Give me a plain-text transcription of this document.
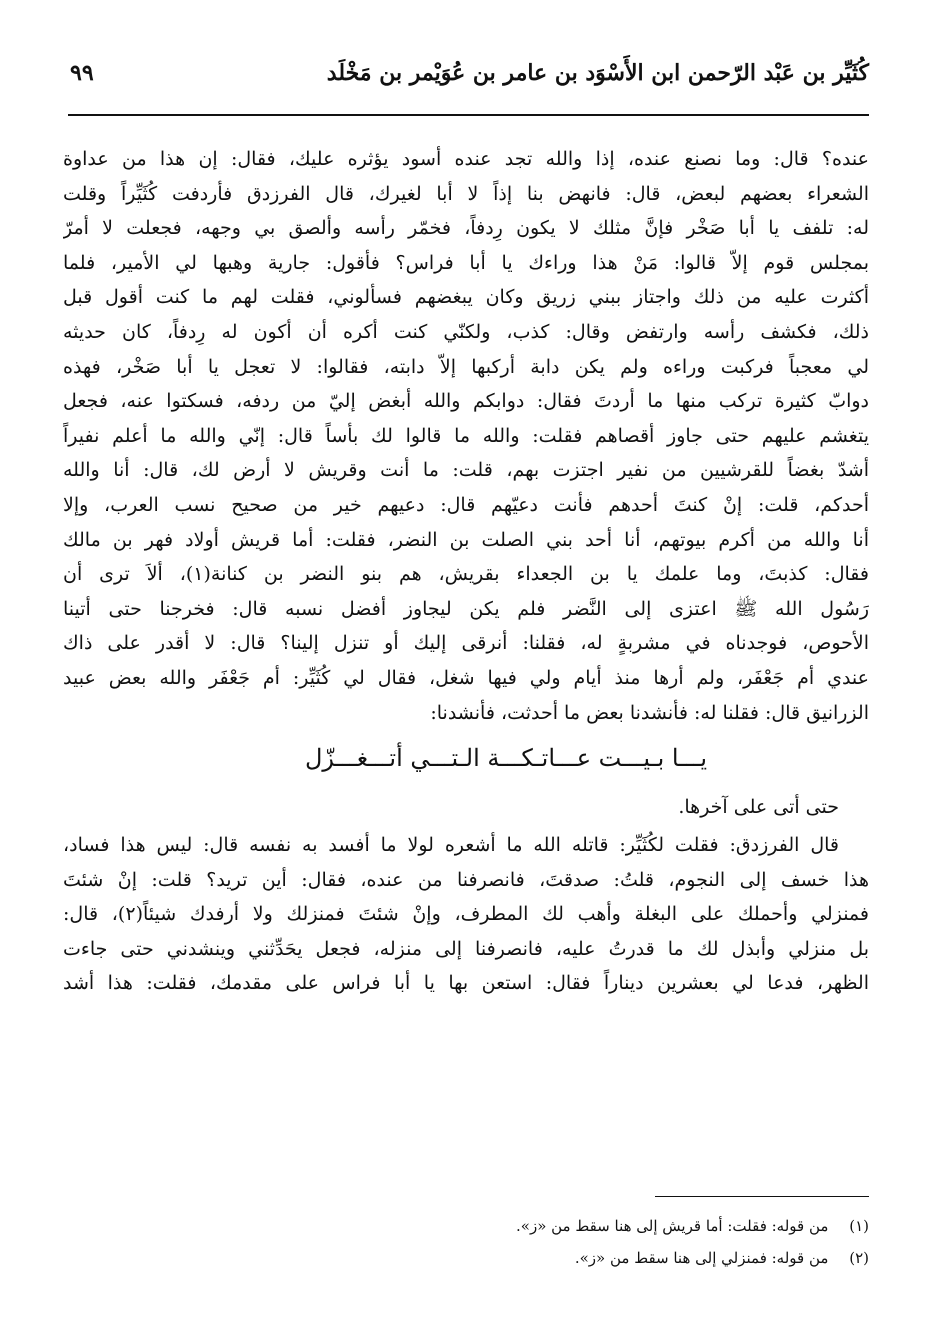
كُثَيِّر بن عَبْد الرّحمن ابن الأَسْوَد بن عامر بن عُوَيْمر بن مَخْلَد
٩٩
عنده؟ قال: وما نصنع عنده، إذا والله تجد عنده أسود يؤثره عليك، فقال: إن هذا من عداوة
الشعراء بعضهم لبعض، قال: فانهض بنا إذاً لا أبا لغيرك، قال الفرزدق فأردفت كُثَيِّراً وقلت
له: تلفف يا أبا صَخْر فإنَّ مثلك لا يكون رِدفاً، فخمّر رأسه وألصق بي وجهه، فجعلت لا أمرّ
بمجلس قوم إلاّ قالوا: مَنْ هذا وراءك يا أبا فراس؟ فأقول: جارية وهبها لي الأمير، فلما
أكثرت عليه من ذلك واجتاز ببني زريق وكان يبغضهم فسألوني، فقلت لهم ما كنت أقول قبل
ذلك، فكشف رأسه وارتفض وقال: كذب، ولكنّي كنت أكره أن أكون له رِدفاً، كان حديثه
لي معجباً فركبت وراءه ولم يكن دابة أركبها إلاّ دابته، فقالوا: لا تعجل يا أبا صَخْر، فهذه
دوابّ كثيرة تركب منها ما أردتَ فقال: دوابكم والله أبغض إليّ من ردفه، فسكتوا عنه، فجعل
يتغشم عليهم حتى جاوز أقصاهم فقلت: والله ما قالوا لك بأساً قال: إنّي والله ما أعلم نفيراً
أشدّ بغضاً للقرشيين من نفير اجتزت بهم، قلت: ما أنت وقريش لا أرض لك، قال: أنا والله
أحدكم، قلت: إنْ كنتَ أحدهم فأنت دعيّهم قال: دعيهم خير من صحيح نسب العرب، وإلا
أنا والله من أكرم بيوتهم، أنا أحد بني الصلت بن النضر، فقلت: أما قريش أولاد فهر بن مالك
فقال: كذبتَ، وما علمك يا بن الجعداء بقريش، هم بنو النضر بن كنانة(١)، ألاَ ترى أن
رَسُول الله ﷺ اعتزى إلى النَّضر فلم يكن ليجاوز أفضل نسبه قال: فخرجنا حتى أتينا
الأحوص، فوجدناه في مشربةٍ له، فقلنا: أنرقى إليك أو تنزل إلينا؟ قال: لا أقدر على ذاك
عندي أم جَعْفَر، ولم أرها منذ أيام ولي فيها شغل، فقال لي كُثَيِّر: أم جَعْفَر والله بعض عبيد
الزرانيق قال: فقلنا له: فأنشدنا بعض ما أحدثت، فأنشدنا:
يـــا بـيـــت عـــاتـكـــة الـتـــي أتـــغـــزّل
حتى أتى على آخرها.
قال الفرزدق: فقلت لكُثَيِّر: قاتله الله ما أشعره لولا ما أفسد به نفسه قال: ليس هذا فساد،
هذا خسف إلى النجوم، قلتُ: صدقتَ، فانصرفنا من عنده، فقال: أين تريد؟ قلت: إنْ شئتَ
فمنزلي وأحملك على البغلة وأهب لك المطرف، وإنْ شئتَ فمنزلك ولا أرفدك شيئاً(٢)، قال:
بل منزلي وأبذل لك ما قدرتُ عليه، فانصرفنا إلى منزله، فجعل يحَدِّثني وينشدني حتى جاءت
الظهر، فدعا لي بعشرين ديناراً فقال: استعن بها يا أبا فراس على مقدمك، فقلت: هذا أشد
(١) من قوله: فقلت: أما قريش إلى هنا سقط من «ز».
(٢) من قوله: فمنزلي إلى هنا سقط من «ز».
